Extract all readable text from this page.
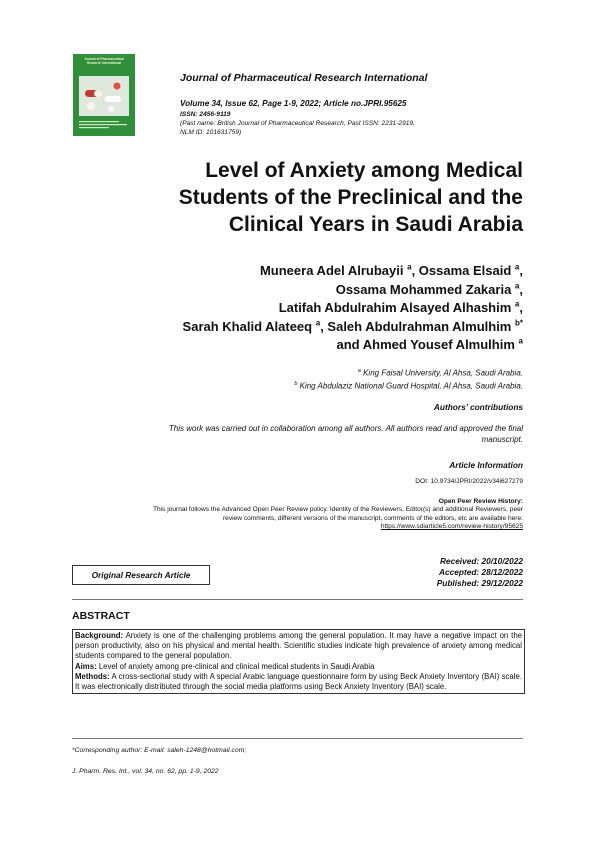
Journal of Pharmaceutical
Research International
Journal of Pharmaceutical Research International
Volume 34, Issue 62, Page 1-9, 2022; Article no.JPRI.95625
ISSN: 2456-9119
(Past name: British Journal of Pharmaceutical Research, Past ISSN: 2231-2919,
NLM ID: 101631759)
Level of Anxiety among Medical
Students of the Preclinical and the
Clinical Years in Saudi Arabia
Muneera Adel Alrubayii $^a$, Ossama Elsaid $^a$,
Ossama Mohammed Zakaria $^a$,
Latifah Abdulrahim Alsayed Alhashim $^a$,
Sarah Khalid Alateeq $^a$, Saleh Abdulrahman Almulhim $^{b*}$
and Ahmed Yousef Almulhim $^a$
$^a$ King Faisal University, Al Ahsa, Saudi Arabia.
$^b$ King Abdulaziz National Guard Hospital, Al Ahsa, Saudi Arabia.
Authors’ contributions
This work was carried out in collaboration among all authors. All authors read and approved the final
manuscript.
Article Information
DOI: 10.9734/JPRI/2022/v34i627279
Open Peer Review History:
This journal follows the Advanced Open Peer Review policy. Identity of the Reviewers, Editor(s) and additional Reviewers, peer
review comments, different versions of the manuscript, comments of the editors, etc are available here:
https://www.sdiarticle5.com/review-history/95625
Original Research Article
Received: 20/10/2022
Accepted: 28/12/2022
Published: 29/12/2022
ABSTRACT

Background: Anxiety is one of the challenging problems among the general population. It may have a negative impact on the person productivity, also on his physical and mental health. Scientific studies indicate high prevalence of anxiety among medical students compared to the general population.

Aims: Level of anxiety among pre-clinical and clinical medical students in Saudi Arabia

Methods: A cross-sectional study with A special Arabic language questionnaire form by using Beck Anxiety Inventory (BAI) scale. It was electronically distributed through the social media platforms using Beck Anxiety Inventory (BAI) scale.

*Corresponding author: E-mail: saleh-1248@hotmail.com;
J. Pharm. Res. Int., vol. 34, no. 62, pp. 1-9, 2022
